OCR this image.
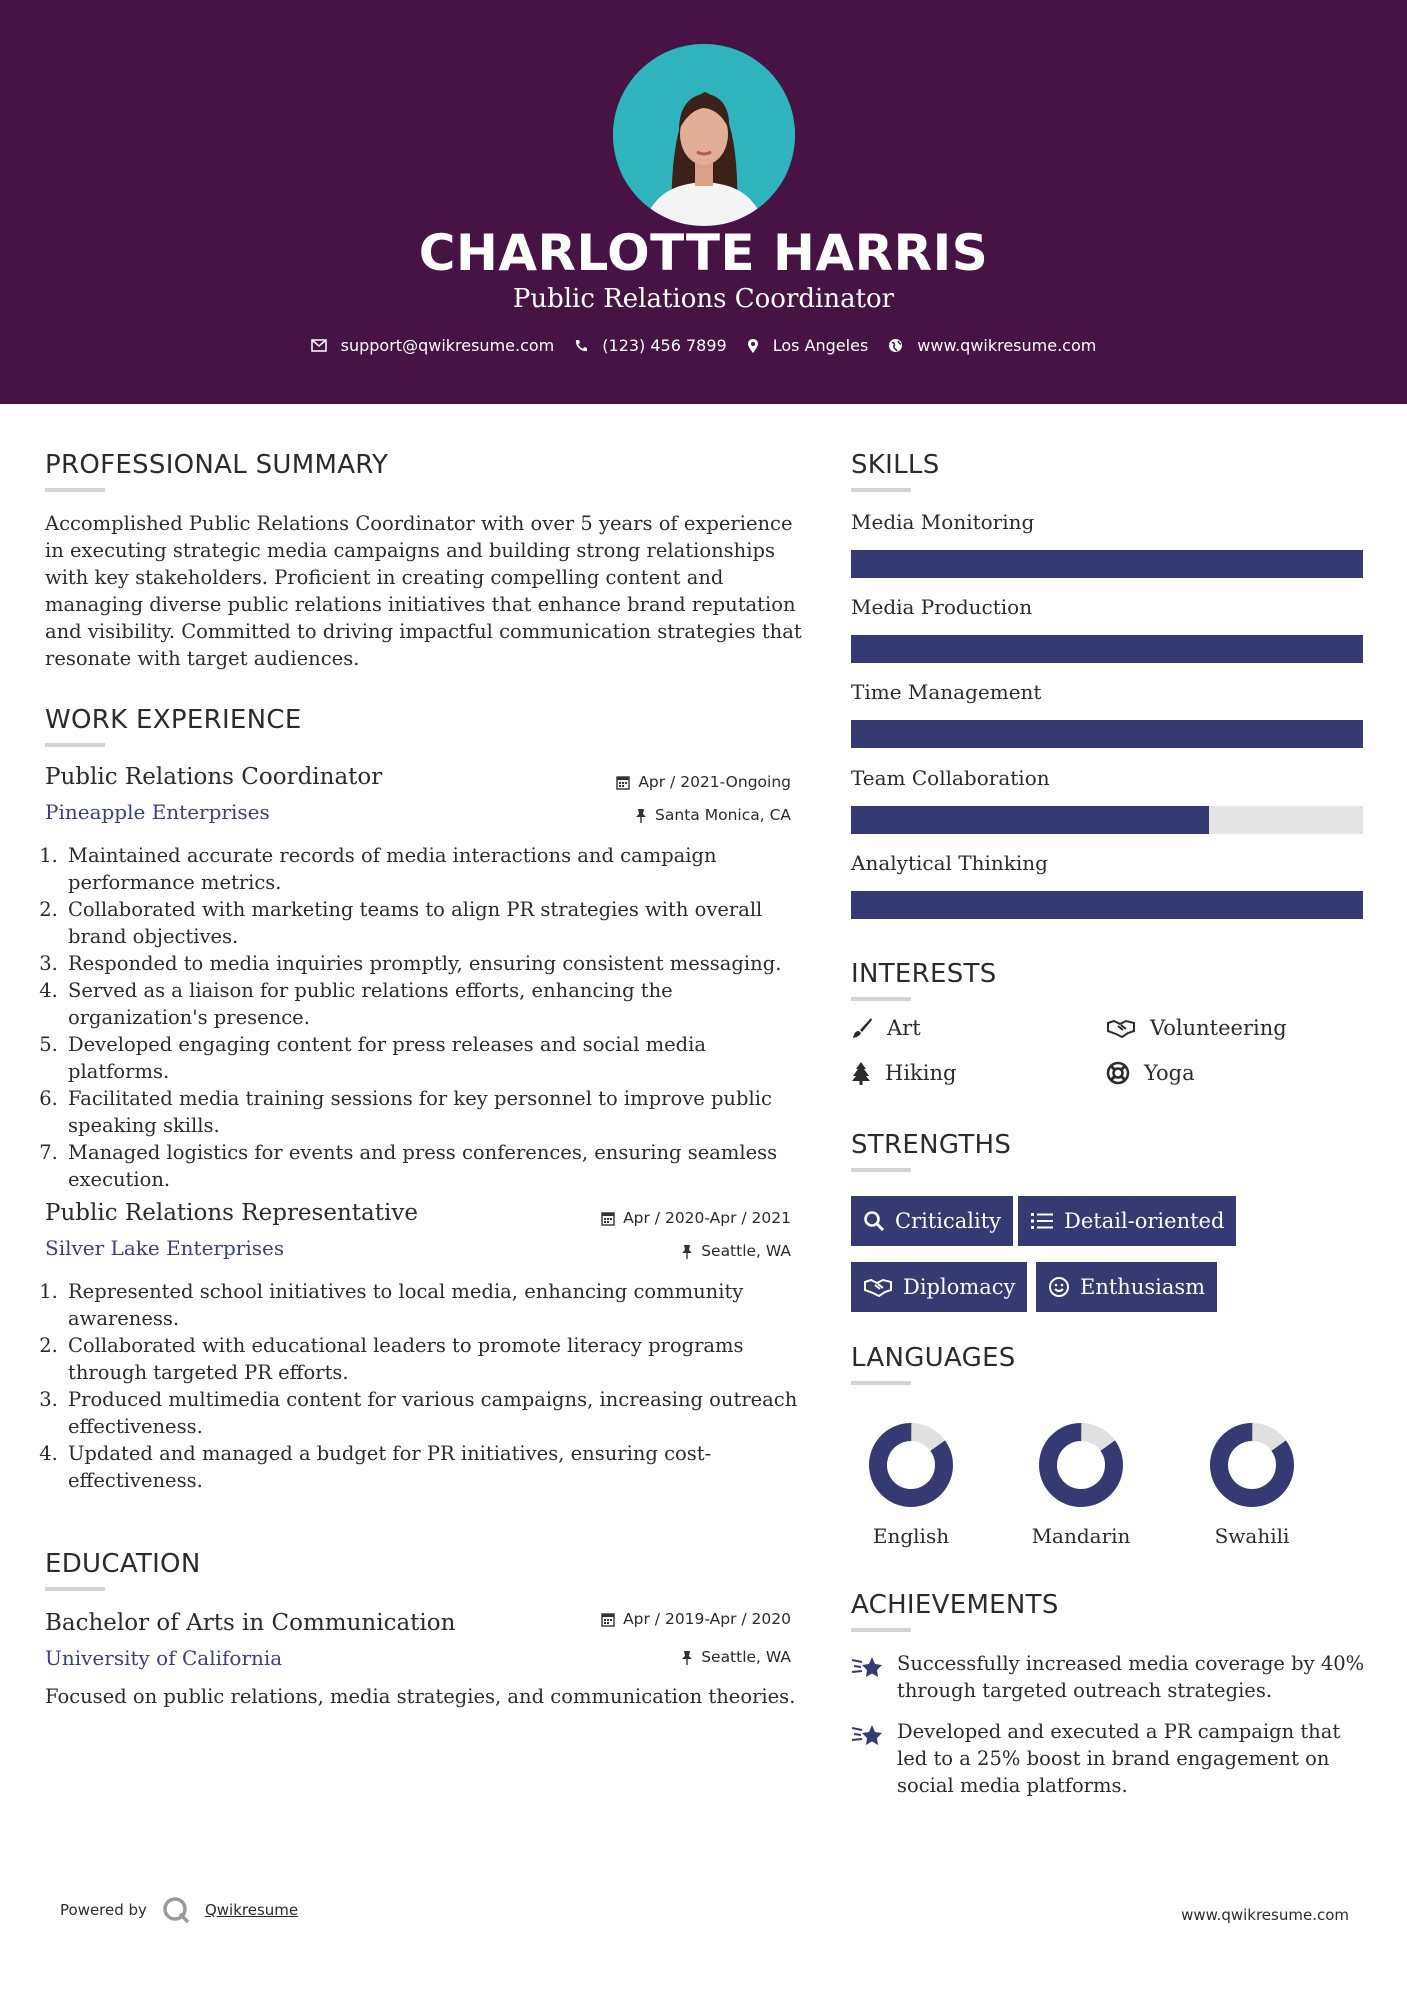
CHARLOTTE HARRIS
Public Relations Coordinator
support@qwikresume.com	(123) 456 7899	Los Angeles	www.qwikresume.com
PROFESSIONAL SUMMARY
Accomplished Public Relations Coordinator with over 5 years of experience
in executing strategic media campaigns and building strong relationships
with key stakeholders. Proficient in creating compelling content and
managing diverse public relations initiatives that enhance brand reputation
and visibility. Committed to driving impactful communication strategies that
resonate with target audiences.
WORK EXPERIENCE
Public Relations Coordinator	Apr / 2021-Ongoing
Pineapple Enterprises	Santa Monica, CA
1. Maintained accurate records of media interactions and campaign performance metrics.
2. Collaborated with marketing teams to align PR strategies with overall brand objectives.
3. Responded to media inquiries promptly, ensuring consistent messaging.
4. Served as a liaison for public relations efforts, enhancing the organization's presence.
5. Developed engaging content for press releases and social media platforms.
6. Facilitated media training sessions for key personnel to improve public speaking skills.
7. Managed logistics for events and press conferences, ensuring seamless execution.
Public Relations Representative	Apr / 2020-Apr / 2021
Silver Lake Enterprises	Seattle, WA
1. Represented school initiatives to local media, enhancing community awareness.
2. Collaborated with educational leaders to promote literacy programs through targeted PR efforts.
3. Produced multimedia content for various campaigns, increasing outreach effectiveness.
4. Updated and managed a budget for PR initiatives, ensuring cost-effectiveness.
EDUCATION
Bachelor of Arts in Communication	Apr / 2019-Apr / 2020
University of California	Seattle, WA
Focused on public relations, media strategies, and communication theories.
SKILLS
Media Monitoring
Media Production
Time Management
Team Collaboration
Analytical Thinking
INTERESTS
Art	Volunteering
Hiking	Yoga
STRENGTHS
Criticality	Detail-oriented
Diplomacy	Enthusiasm
LANGUAGES
English	Mandarin	Swahili
ACHIEVEMENTS
Successfully increased media coverage by 40% through targeted outreach strategies.
Developed and executed a PR campaign that led to a 25% boost in brand engagement on social media platforms.
Powered by	Qwikresume	www.qwikresume.com
